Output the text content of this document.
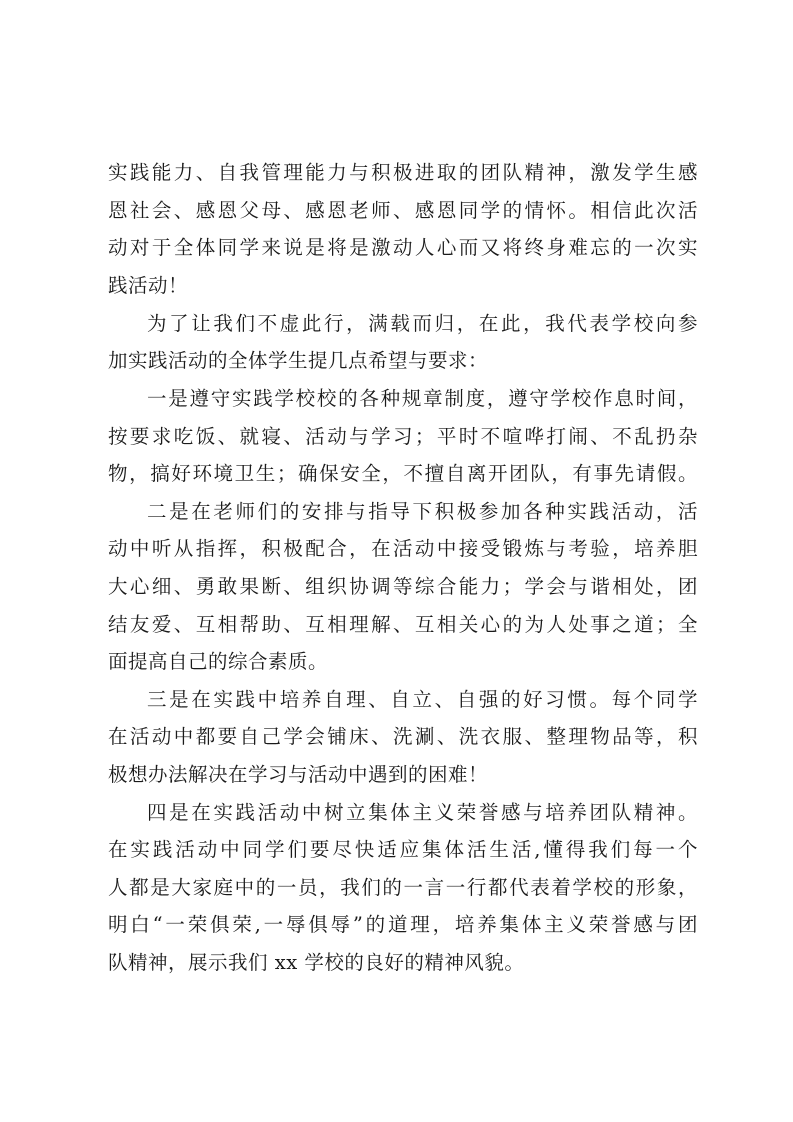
实践能力、自我管理能力与积极进取的团队精神，激发学生感
恩社会、感恩父母、感恩老师、感恩同学的情怀。相信此次活
动对于全体同学来说是将是激动人心而又将终身难忘的一次实
践活动！
为了让我们不虚此行，满载而归，在此，我代表学校向参
加实践活动的全体学生提几点希望与要求：
一是遵守实践学校校的各种规章制度，遵守学校作息时间，
按要求吃饭、就寝、活动与学习；平时不喧哗打闹、不乱扔杂
物，搞好环境卫生；确保安全，不擅自离开团队，有事先请假。
二是在老师们的安排与指导下积极参加各种实践活动，活
动中听从指挥，积极配合，在活动中接受锻炼与考验，培养胆
大心细、勇敢果断、组织协调等综合能力；学会与谐相处，团
结友爱、互相帮助、互相理解、互相关心的为人处事之道；全
面提高自己的综合素质。
三是在实践中培养自理、自立、自强的好习惯。每个同学
在活动中都要自己学会铺床、洗涮、洗衣服、整理物品等，积
极想办法解决在学习与活动中遇到的困难！
四是在实践活动中树立集体主义荣誉感与培养团队精神。
在实践活动中同学们要尽快适应集体活生活,懂得我们每一个
人都是大家庭中的一员，我们的一言一行都代表着学校的形象，
明白“一荣俱荣,一辱俱辱”的道理，培养集体主义荣誉感与团
队精神，展示我们 xx 学校的良好的精神风貌。
